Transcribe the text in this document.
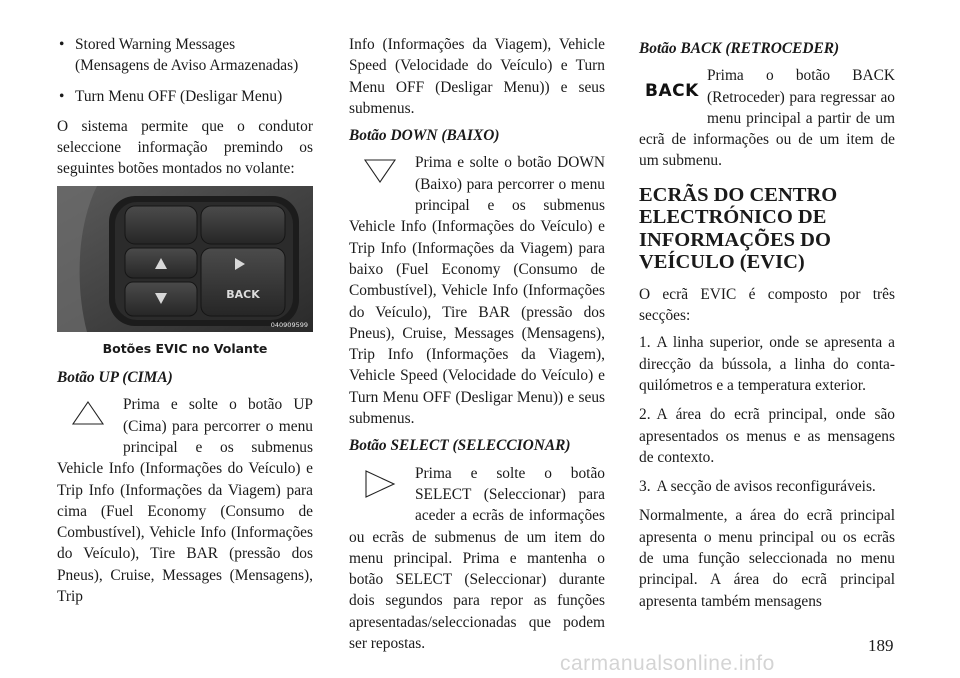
• Stored Warning Messages (Mensagens de Aviso Armazenadas)
• Turn Menu OFF (Desligar Menu)

O sistema permite que o condutor seleccione informação premindo os seguintes botões montados no volante:

BACK
040909599
Botões EVIC no Volante
Botão UP (CIMA)

Prima e solte o botão UP (Cima) para percorrer o menu principal e os submenus Vehicle Info (Informações do Veículo) e Trip Info (Informações da Viagem) para cima (Fuel Economy (Consumo de Combustível), Vehicle Info (Informações do Veículo), Tire BAR (pressão dos Pneus), Cruise, Messages (Mensagens), Trip

Info (Informações da Viagem), Vehicle Speed (Velocidade do Veículo) e Turn Menu OFF (Desligar Menu)) e seus submenus.

Botão DOWN (BAIXO)

Prima e solte o botão DOWN (Baixo) para percorrer o menu principal e os submenus Vehicle Info (Informações do Veículo) e Trip Info (Informações da Viagem) para baixo (Fuel Economy (Consumo de Combustível), Vehicle Info (Informações do Veículo), Tire BAR (pressão dos Pneus), Cruise, Messages (Mensagens), Trip Info (Informações da Viagem), Vehicle Speed (Velocidade do Veículo) e Turn Menu OFF (Desligar Menu)) e seus submenus.

Botão SELECT (SELECCIONAR)

Prima e solte o botão SELECT (Seleccionar) para aceder a ecrãs de informações ou ecrãs de submenus de um item do menu principal. Prima e mantenha o botão SELECT (Seleccionar) durante dois segundos para repor as funções apresentadas/seleccionadas que podem ser repostas.

Botão BACK (RETROCEDER)

BACK
Prima o botão BACK (Retroceder) para regressar ao menu principal a partir de um ecrã de informações ou de um item de um submenu.

ECRÃS DO CENTRO ELECTRÓNICO DE INFORMAÇÕES DO VEÍCULO (EVIC)

O ecrã EVIC é composto por três secções:

1. A linha superior, onde se apresenta a direcção da bússola, a linha do conta-quilómetros e a temperatura exterior.
2. A área do ecrã principal, onde são apresentados os menus e as mensagens de contexto.
3. A secção de avisos reconfiguráveis.

Normalmente, a área do ecrã principal apresenta o menu principal ou os ecrãs de uma função seleccionada no menu principal. A área do ecrã principal apresenta também mensagens

189
carmanualsonline.info
